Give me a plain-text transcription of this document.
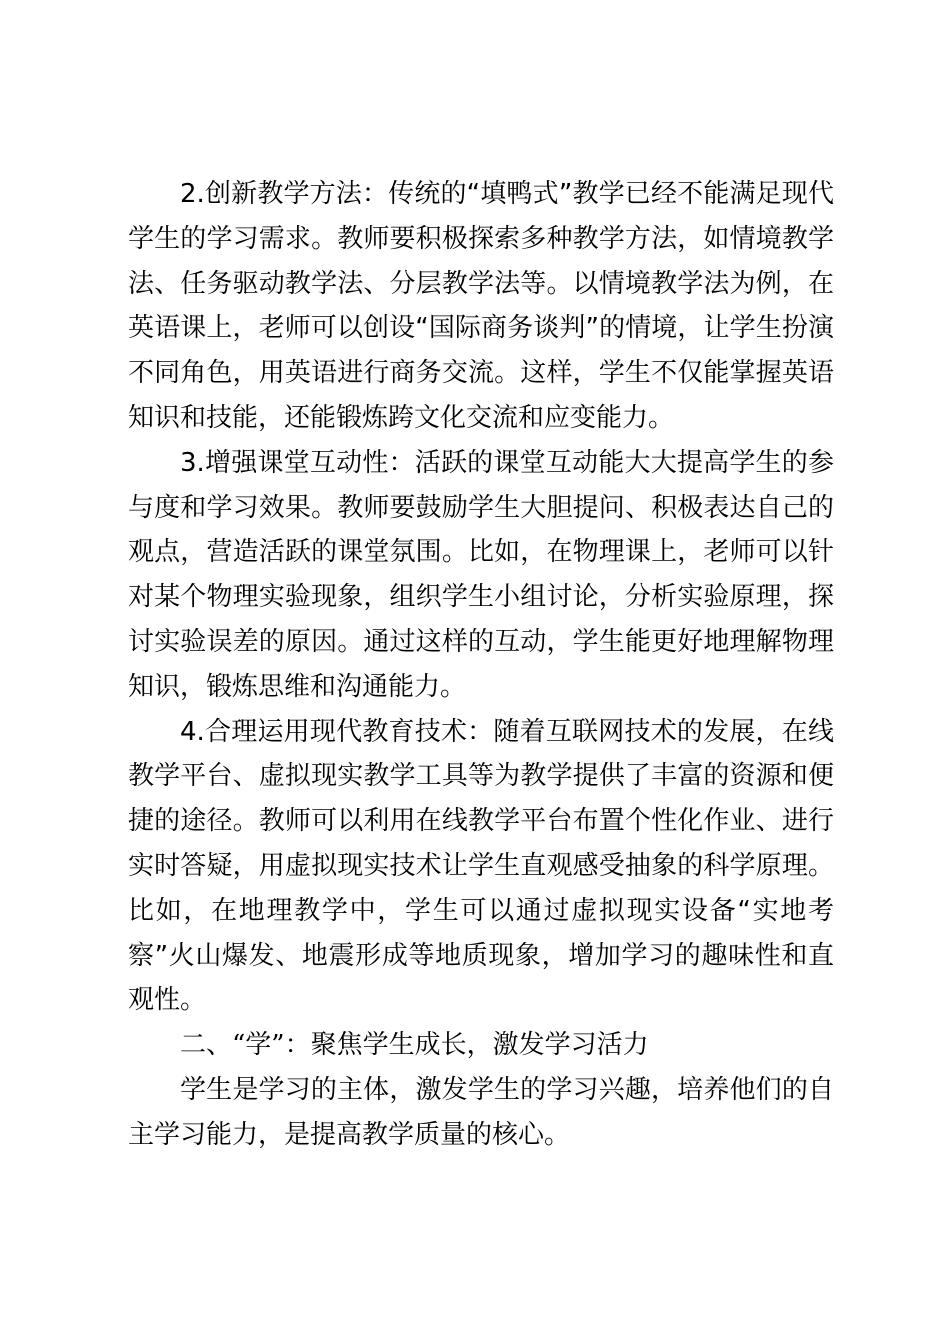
2.创新教学方法：传统的“填鸭式”教学已经不能满足现代学生的学习需求。教师要积极探索多种教学方法，如情境教学法、任务驱动教学法、分层教学法等。以情境教学法为例，在英语课上，老师可以创设“国际商务谈判”的情境，让学生扮演不同角色，用英语进行商务交流。这样，学生不仅能掌握英语知识和技能，还能锻炼跨文化交流和应变能力。

3.增强课堂互动性：活跃的课堂互动能大大提高学生的参与度和学习效果。教师要鼓励学生大胆提问、积极表达自己的观点，营造活跃的课堂氛围。比如，在物理课上，老师可以针对某个物理实验现象，组织学生小组讨论，分析实验原理，探讨实验误差的原因。通过这样的互动，学生能更好地理解物理知识，锻炼思维和沟通能力。

4.合理运用现代教育技术：随着互联网技术的发展，在线教学平台、虚拟现实教学工具等为教学提供了丰富的资源和便捷的途径。教师可以利用在线教学平台布置个性化作业、进行实时答疑，用虚拟现实技术让学生直观感受抽象的科学原理。比如，在地理教学中，学生可以通过虚拟现实设备“实地考察”火山爆发、地震形成等地质现象，增加学习的趣味性和直观性。

二、“学”：聚焦学生成长，激发学习活力

学生是学习的主体，激发学生的学习兴趣，培养他们的自主学习能力，是提高教学质量的核心。
